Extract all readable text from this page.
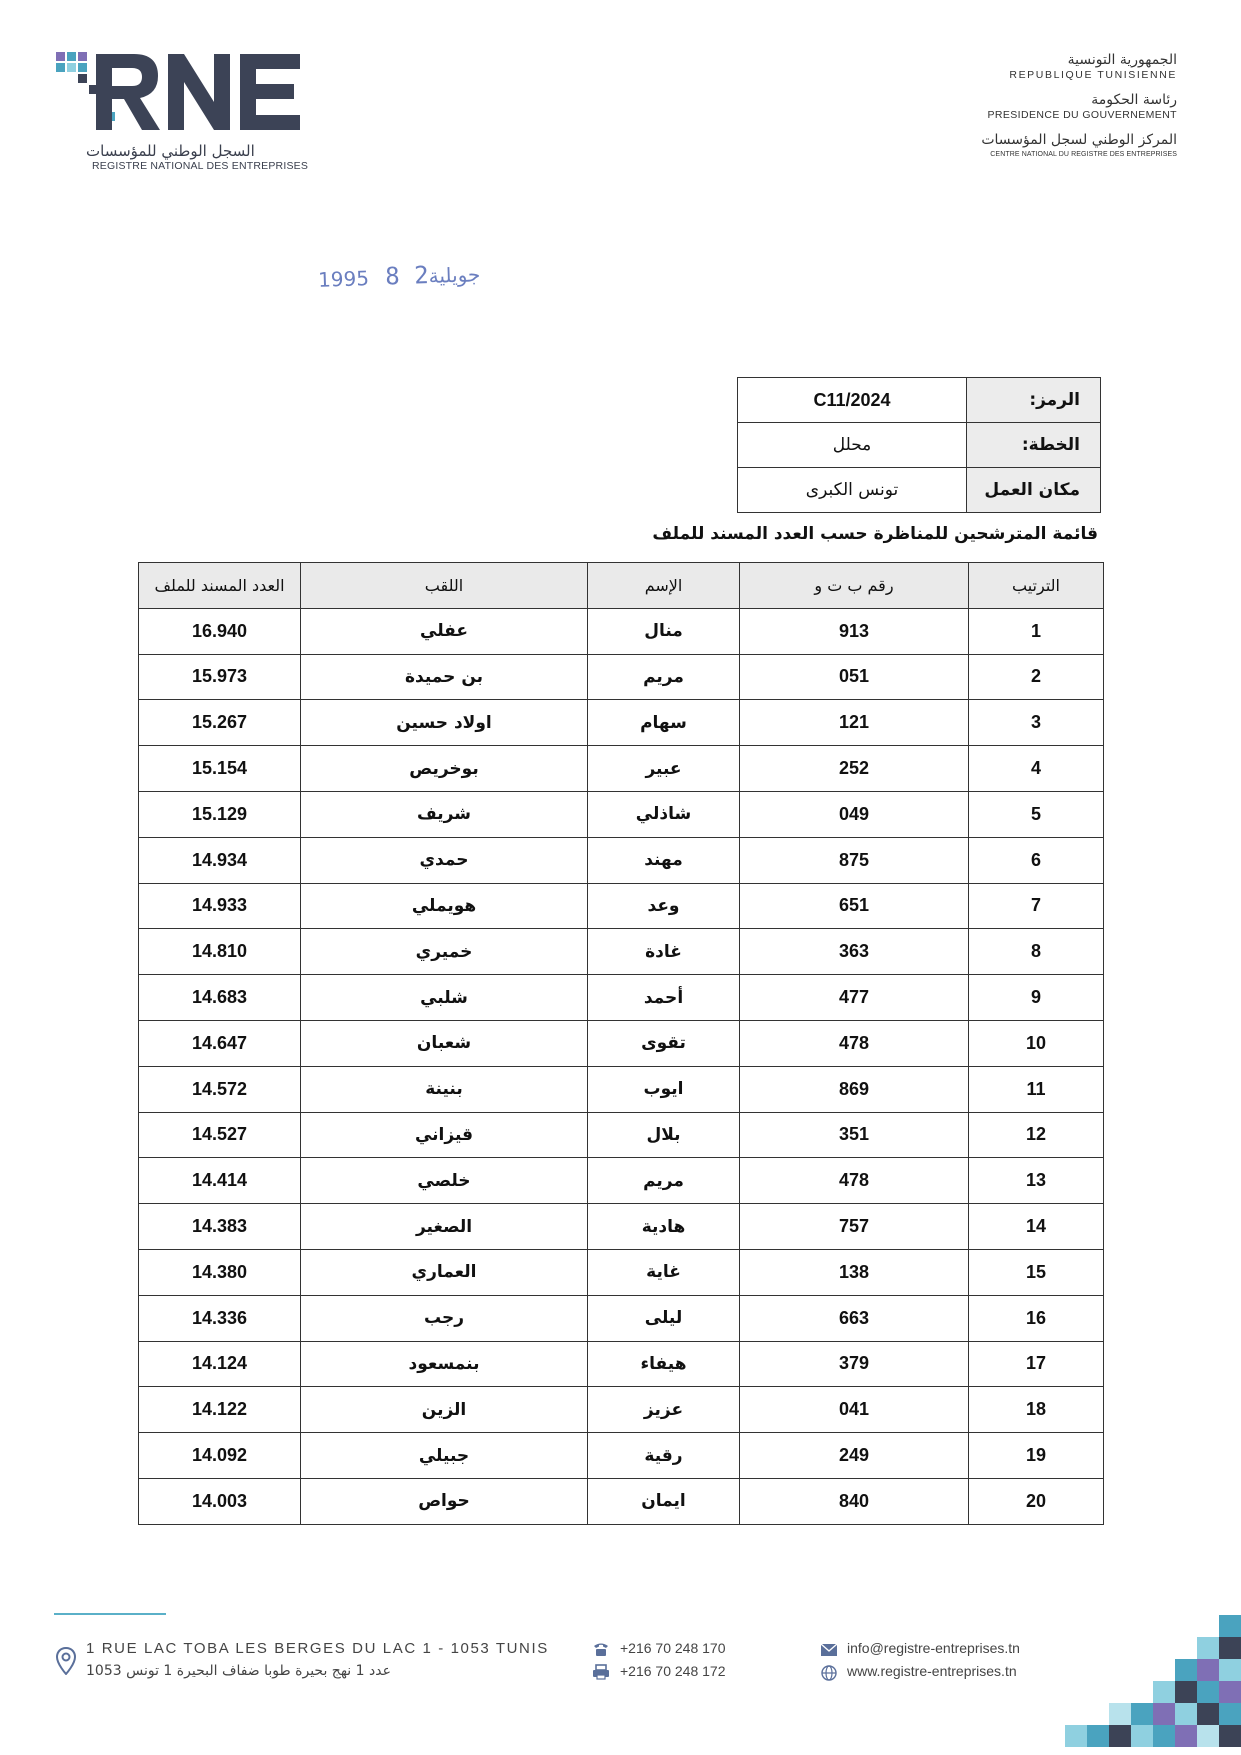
السجل الوطني للمؤسسات
REGISTRE NATIONAL DES ENTREPRISES
الجمهورية التونسية
REPUBLIQUE TUNISIENNE
رئاسة الحكومة
PRESIDENCE DU GOUVERNEMENT
المركز الوطني لسجل المؤسسات
CENTRE NATIONAL DU REGISTRE DES ENTREPRISES
1995 جويلية2 8
الرمز:	C11/2024
الخطة:	محلل
مكان العمل	تونس الكبرى
قائمة المترشحين للمناظرة حسب العدد المسند للملف
الترتيب	رقم ب ت و	الإسم	اللقب	العدد المسند للملف
1	913	منال	عفلي	16.940
2	051	مريم	بن حميدة	15.973
3	121	سهام	اولاد حسين	15.267
4	252	عبير	بوخريص	15.154
5	049	شاذلي	شريف	15.129
6	875	مهند	حمدي	14.934
7	651	وعد	هويملي	14.933
8	363	غادة	خميري	14.810
9	477	أحمد	شلبي	14.683
10	478	تقوى	شعبان	14.647
11	869	ايوب	بنينة	14.572
12	351	بلال	قيزاني	14.527
13	478	مريم	خلصي	14.414
14	757	هادية	الصغير	14.383
15	138	غاية	العماري	14.380
16	663	ليلى	رجب	14.336
17	379	هيفاء	بنمسعود	14.124
18	041	عزيز	الزين	14.122
19	249	رقية	جبيلي	14.092
20	840	ايمان	حواص	14.003
1 RUE LAC TOBA LES BERGES DU LAC 1 - 1053 TUNIS
عدد 1 نهج بحيرة طوبا ضفاف البحيرة 1 تونس 1053
+216 70 248 170
+216 70 248 172
info@registre-entreprises.tn
www.registre-entreprises.tn
